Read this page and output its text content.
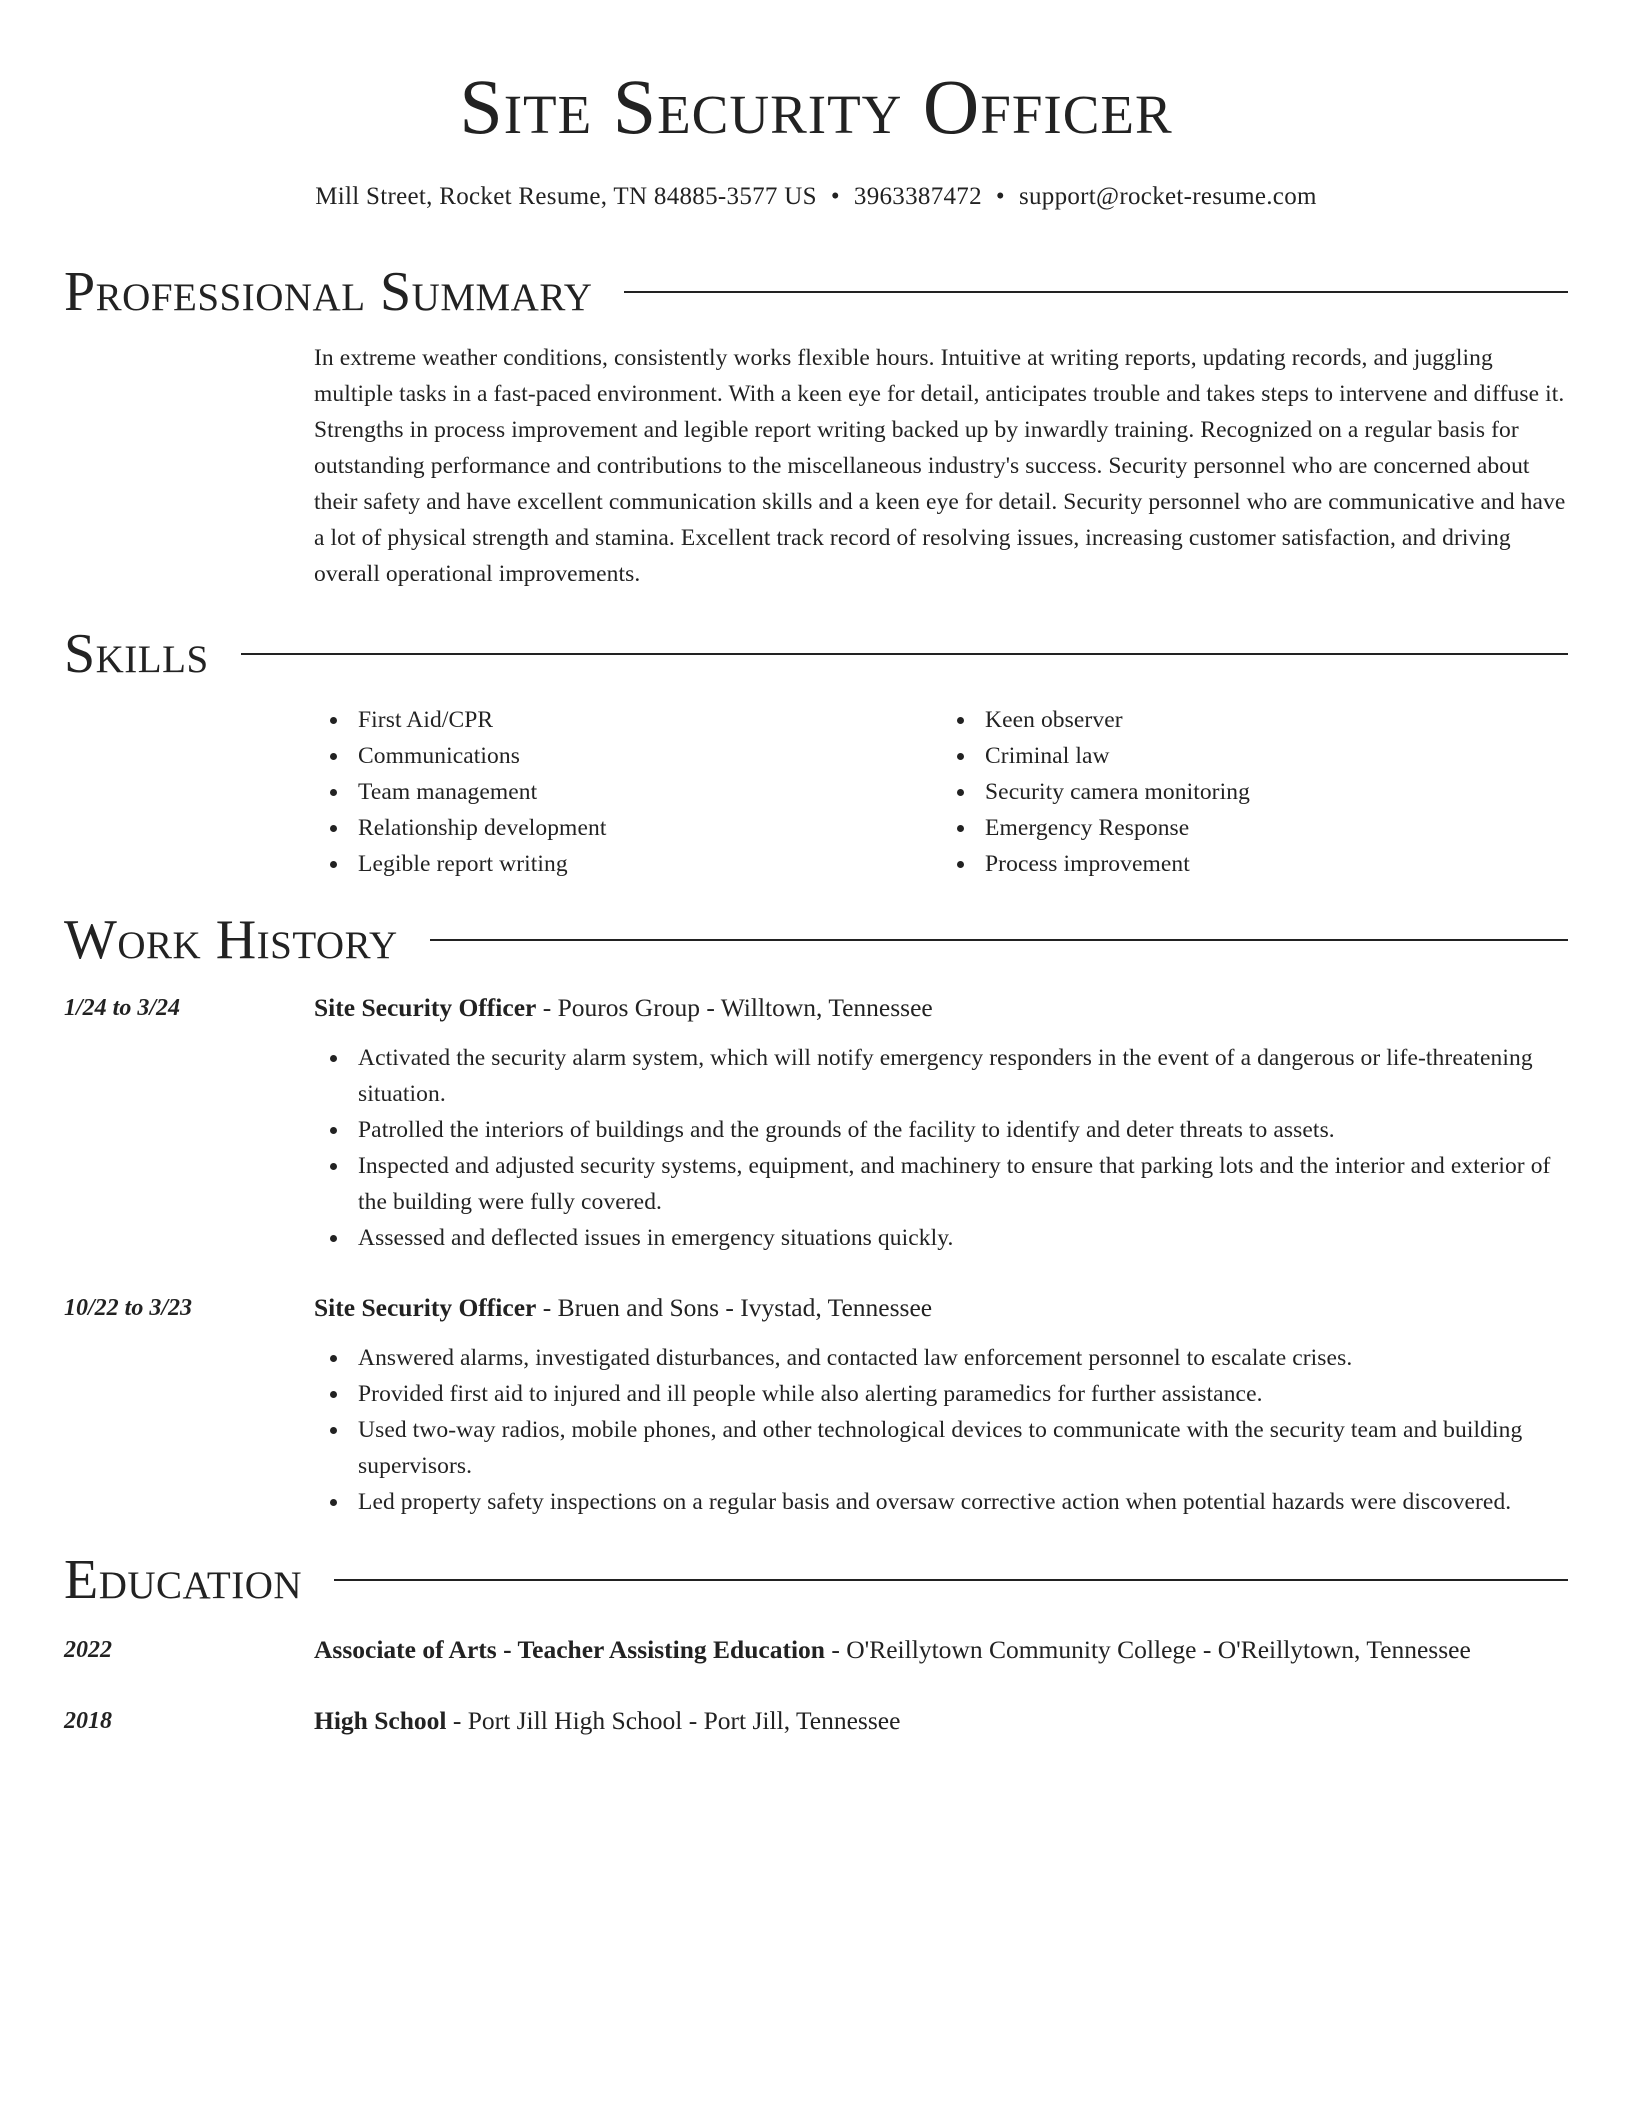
Site Security Officer
Mill Street, Rocket Resume, TN 84885-3577 US • 3963387472 • support@rocket-resume.com
Professional Summary
In extreme weather conditions, consistently works flexible hours. Intuitive at writing reports, updating records, and juggling multiple tasks in a fast-paced environment. With a keen eye for detail, anticipates trouble and takes steps to intervene and diffuse it. Strengths in process improvement and legible report writing backed up by inwardly training. Recognized on a regular basis for outstanding performance and contributions to the miscellaneous industry's success. Security personnel who are concerned about their safety and have excellent communication skills and a keen eye for detail. Security personnel who are communicative and have a lot of physical strength and stamina. Excellent track record of resolving issues, increasing customer satisfaction, and driving overall operational improvements.
Skills
First Aid/CPR
Communications
Team management
Relationship development
Legible report writing
Keen observer
Criminal law
Security camera monitoring
Emergency Response
Process improvement
Work History
1/24 to 3/24	Site Security Officer - Pouros Group - Willtown, Tennessee
Activated the security alarm system, which will notify emergency responders in the event of a dangerous or life-threatening situation.
Patrolled the interiors of buildings and the grounds of the facility to identify and deter threats to assets.
Inspected and adjusted security systems, equipment, and machinery to ensure that parking lots and the interior and exterior of the building were fully covered.
Assessed and deflected issues in emergency situations quickly.
10/22 to 3/23	Site Security Officer - Bruen and Sons - Ivystad, Tennessee
Answered alarms, investigated disturbances, and contacted law enforcement personnel to escalate crises.
Provided first aid to injured and ill people while also alerting paramedics for further assistance.
Used two-way radios, mobile phones, and other technological devices to communicate with the security team and building supervisors.
Led property safety inspections on a regular basis and oversaw corrective action when potential hazards were discovered.
Education
2022	Associate of Arts - Teacher Assisting Education - O'Reillytown Community College - O'Reillytown, Tennessee
2018	High School - Port Jill High School - Port Jill, Tennessee
